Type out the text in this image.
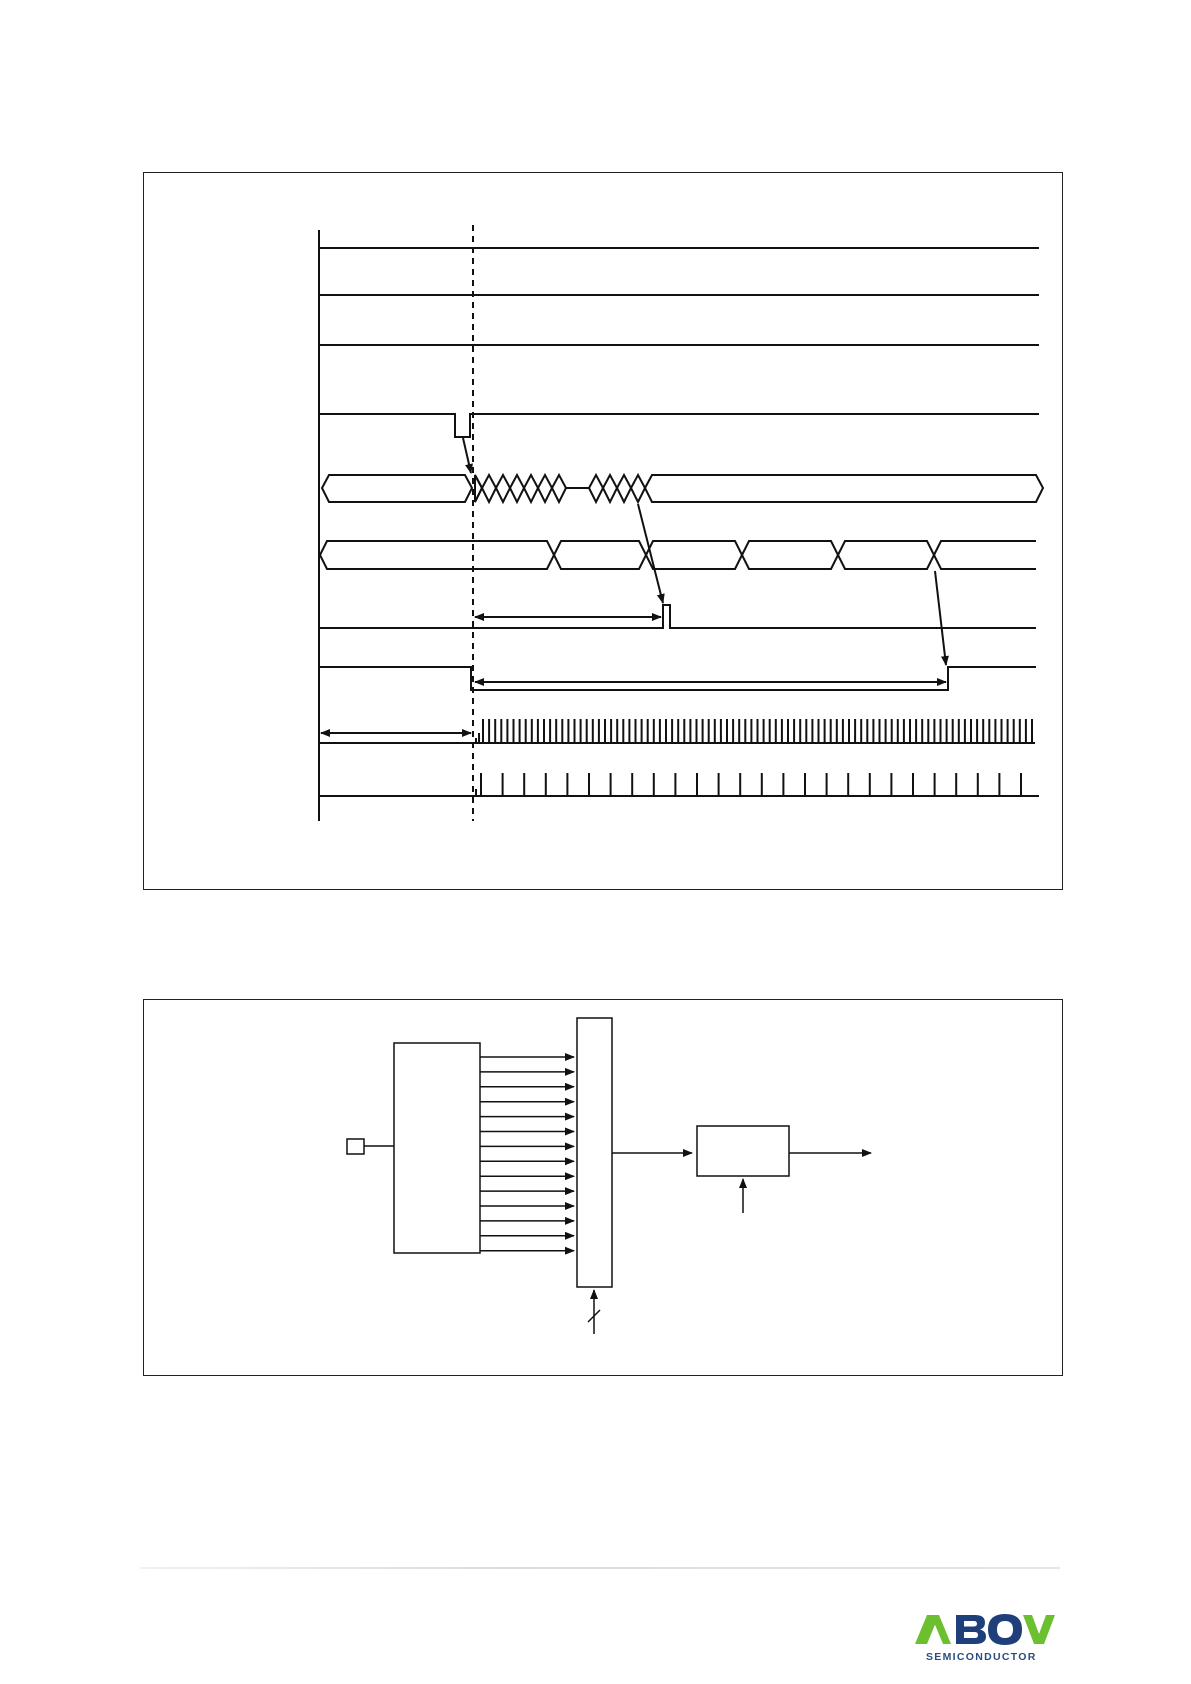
SEMICONDUCTOR
